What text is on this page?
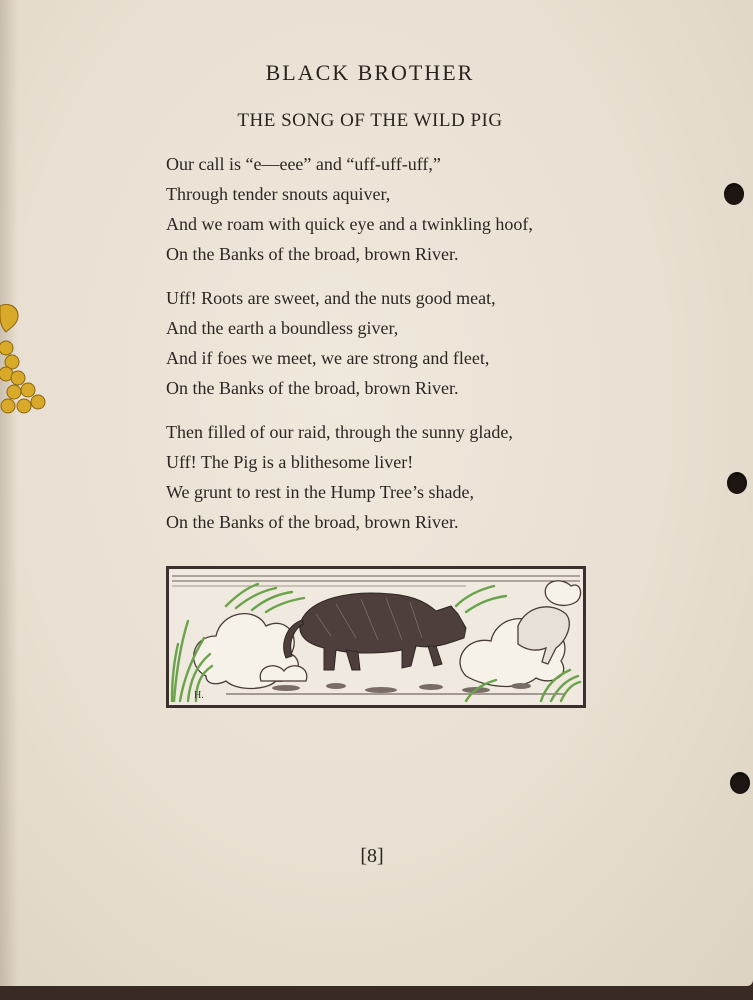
BLACK BROTHER
THE SONG OF THE WILD PIG
Our call is “e—eee” and “uff-uff-uff,”
Through tender snouts aquiver,
And we roam with quick eye and a twinkling hoof,
On the Banks of the broad, brown River.
Uff! Roots are sweet, and the nuts good meat,
And the earth a boundless giver,
And if foes we meet, we are strong and fleet,
On the Banks of the broad, brown River.
Then filled of our raid, through the sunny glade,
Uff! The Pig is a blithesome liver!
We grunt to rest in the Hump Tree’s shade,
On the Banks of the broad, brown River.
H.
[8]
